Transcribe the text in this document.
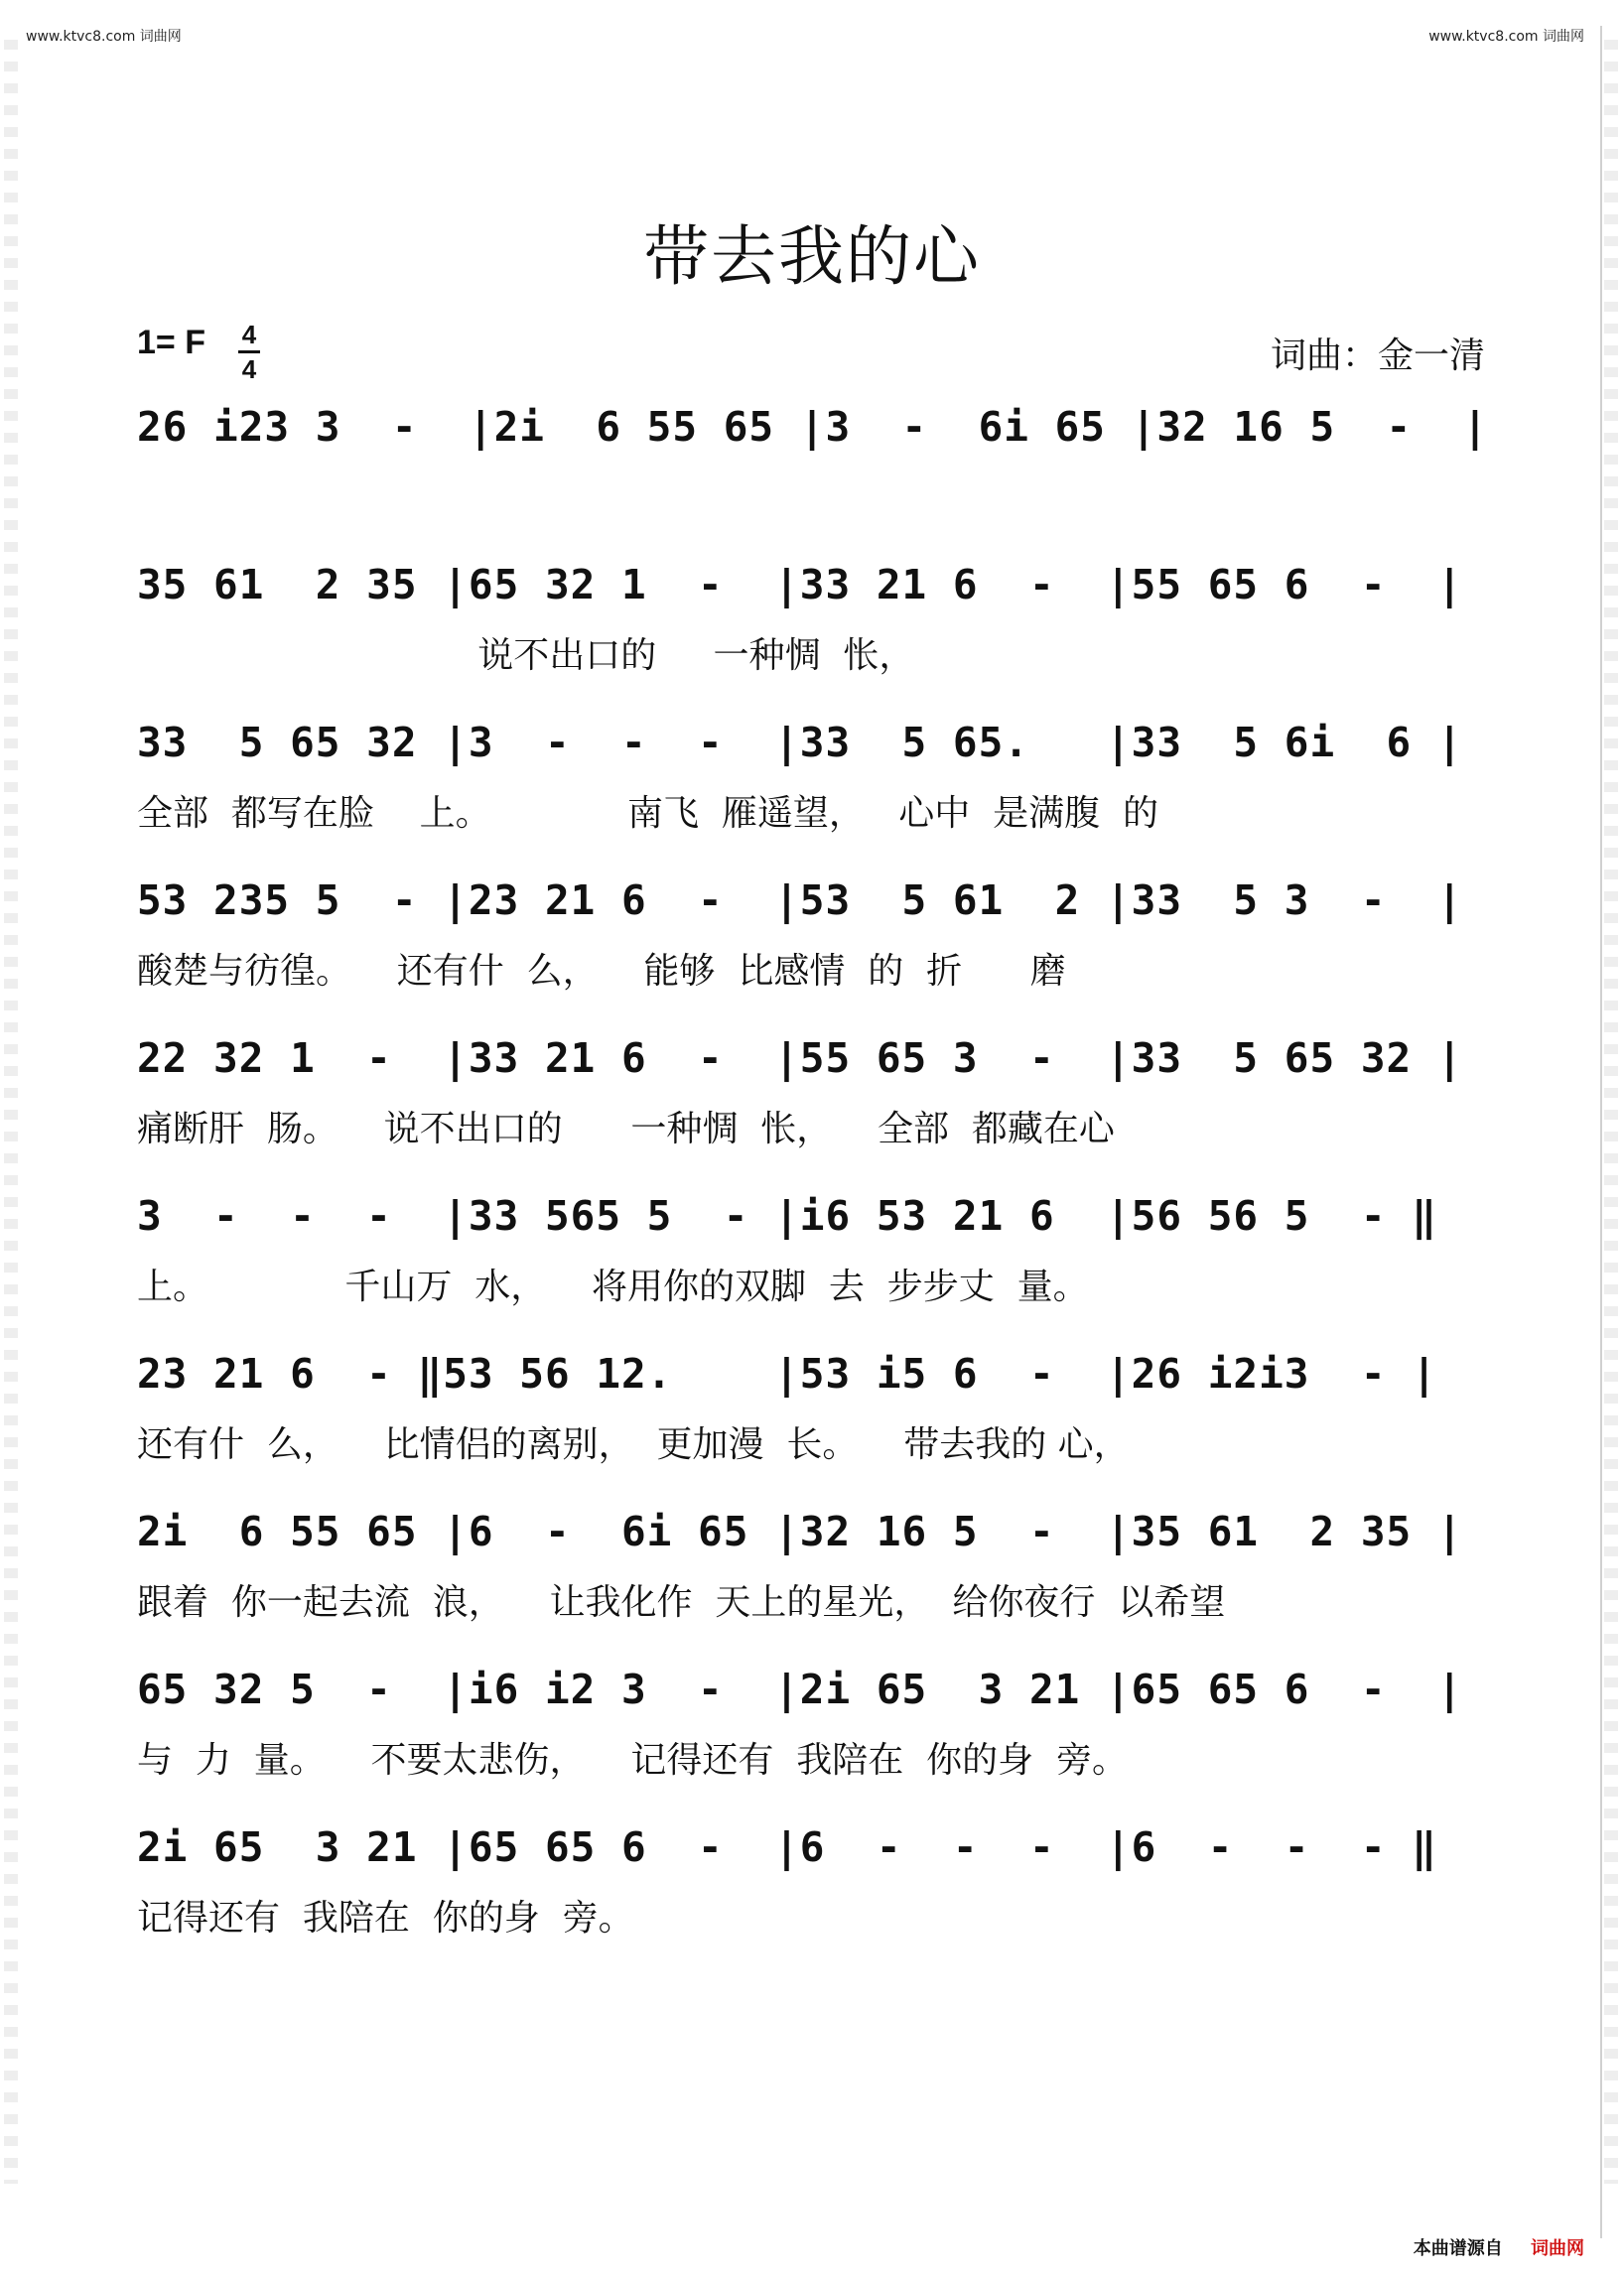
www.ktvc8.com 词曲网	www.ktvc8.com 词曲网
带去我的心
1= F 4
4	词曲：金一清
26 i23 3  -  |2i  6 55 65 |3  -  6i 65 |32 16 5  -  |
35 61  2 35 |65 32 1  -  |33 21 6  -  |55 65 6  -  |
说不出口的     一种惆  怅，
33  5 65 32 |3  -  -  -  |33  5 65.   |33  5 6i  6 |
全部  都写在脸    上。            南飞  雁遥望，   心中  是满腹  的
53 235 5  - |23 21 6  -  |53  5 61  2 |33  5 3  -  |
酸楚与彷徨。    还有什  么，    能够  比感情  的  折      磨
22 32 1  -  |33 21 6  -  |55 65 3  -  |33  5 65 32 |
痛断肝  肠。    说不出口的      一种惆  怅，    全部  都藏在心
3  -  -  -  |33 565 5  - |i6 53 21 6  |56 56 5  - ‖
上。            千山万  水，    将用你的双脚  去  步步丈  量。
23 21 6  - ‖53 56 12.    |53 i5 6  -  |26 i2i3  - |
还有什  么，    比情侣的离别，  更加漫  长。    带去我的 心，
2i  6 55 65 |6  -  6i 65 |32 16 5  -  |35 61  2 35 |
跟着  你一起去流  浪，    让我化作  天上的星光，  给你夜行  以希望
65 32 5  -  |i6 i2 3  -  |2i 65  3 21 |65 65 6  -  |
与  力  量。    不要太悲伤，    记得还有  我陪在  你的身  旁。
2i 65  3 21 |65 65 6  -  |6  -  -  -  |6  -  -  - ‖
记得还有  我陪在  你的身  旁。
本曲谱源自 词曲网
